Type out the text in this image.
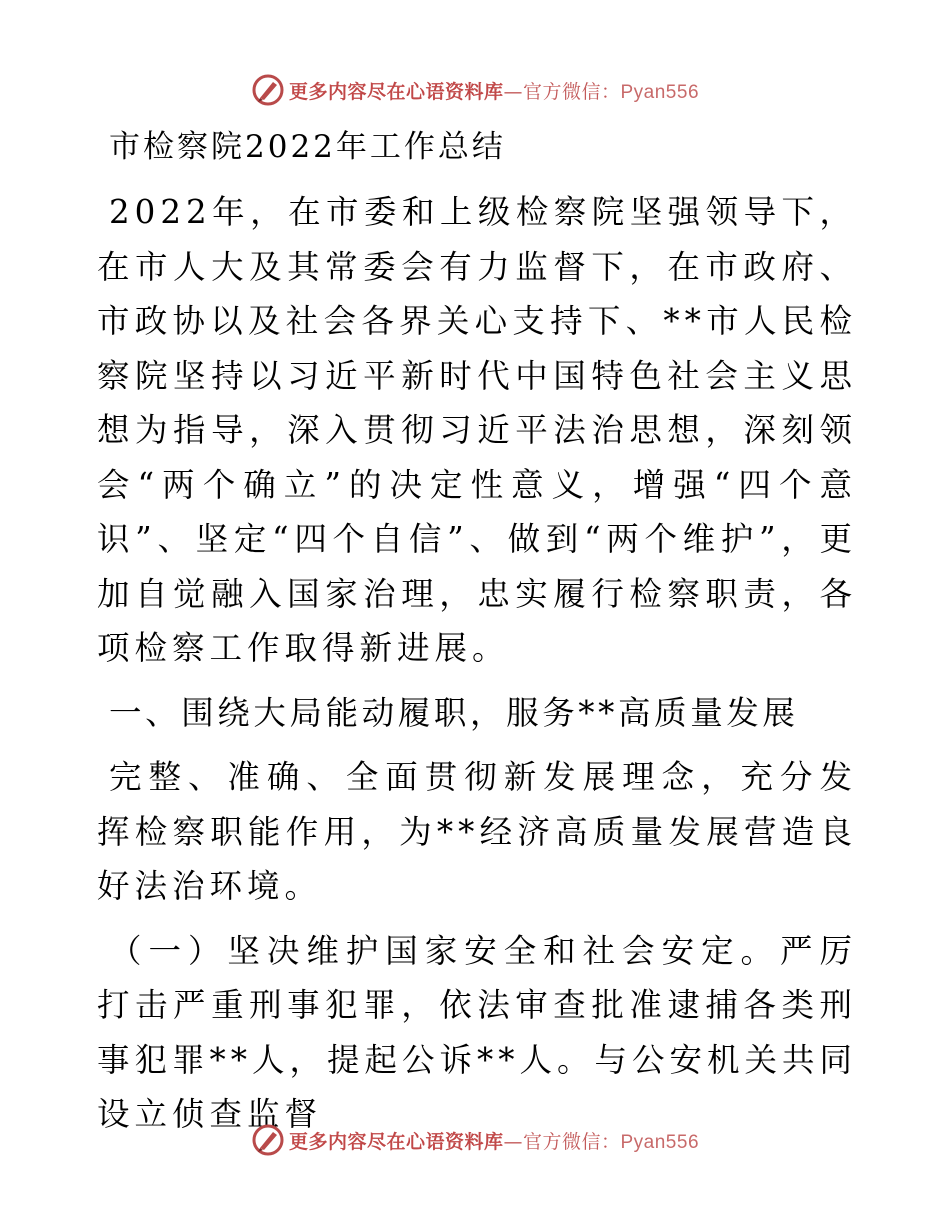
更多内容尽在心语资料库—官方微信：Pyan556
市检察院2022年工作总结

2022年，在市委和上级检察院坚强领导下，在市人大及其常委会有力监督下，在市政府、市政协以及社会各界关心支持下、**市人民检察院坚持以习近平新时代中国特色社会主义思想为指导，深入贯彻习近平法治思想，深刻领会“两个确立”的决定性意义，增强“四个意识”、坚定“四个自信”、做到“两个维护”，更加自觉融入国家治理，忠实履行检察职责，各项检察工作取得新进展。

一、围绕大局能动履职，服务**高质量发展

完整、准确、全面贯彻新发展理念，充分发挥检察职能作用，为**经济高质量发展营造良好法治环境。

（一）坚决维护国家安全和社会安定。严厉打击严重刑事犯罪，依法审查批准逮捕各类刑事犯罪**人，提起公诉**人。与公安机关共同设立侦查监督

更多内容尽在心语资料库—官方微信：Pyan556
